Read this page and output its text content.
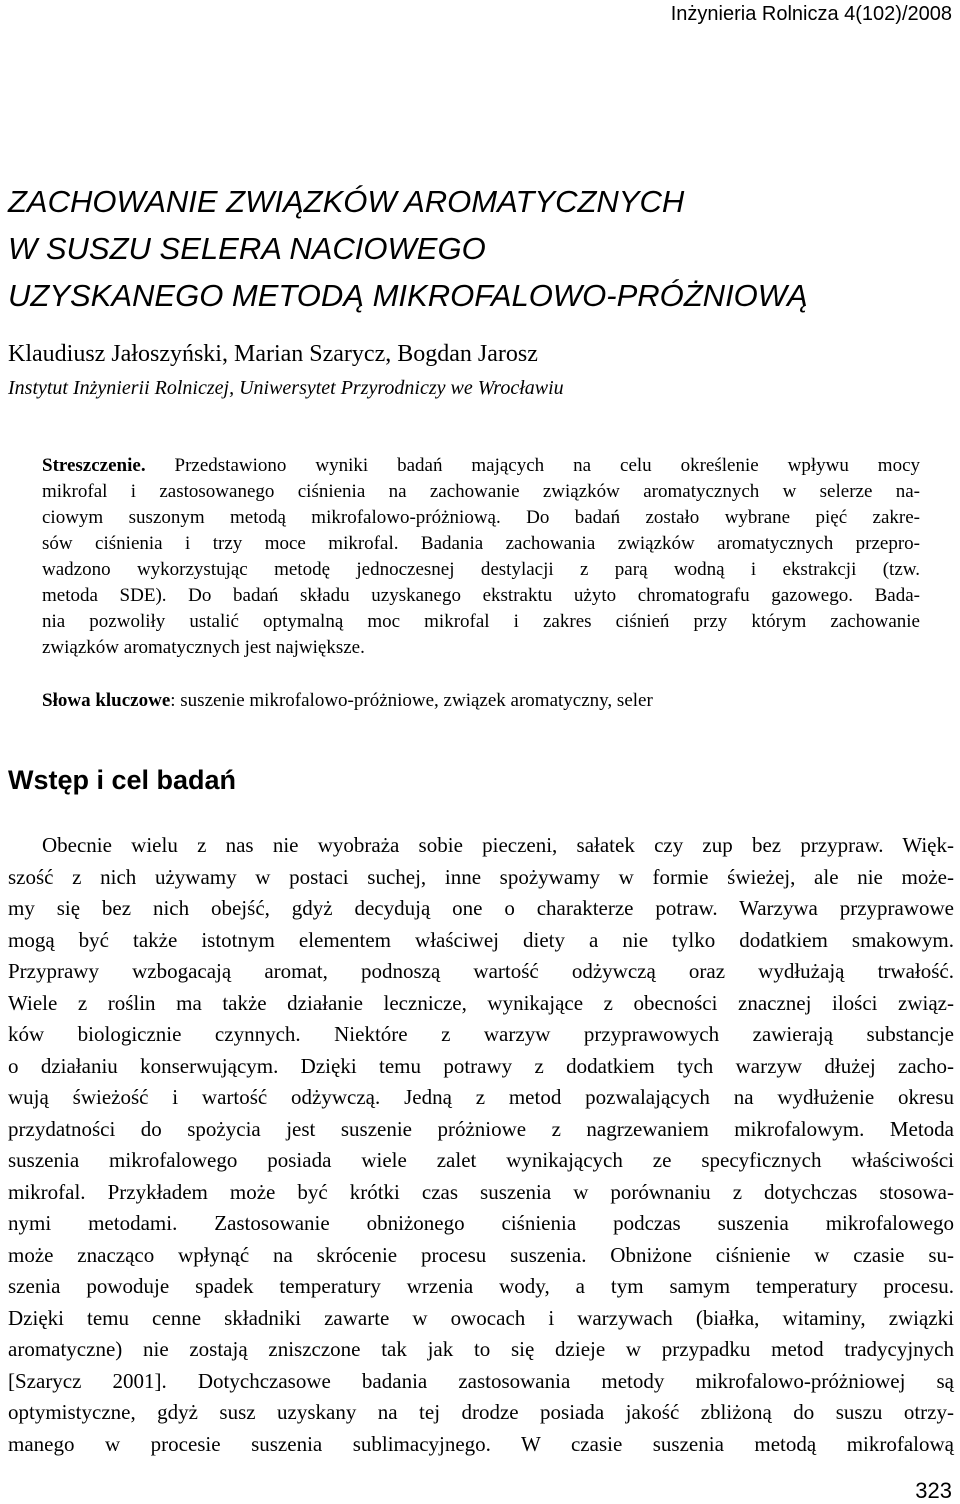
Inżynieria Rolnicza 4(102)/2008
ZACHOWANIE ZWIĄZKÓW AROMATYCZNYCH
W SUSZU SELERA NACIOWEGO
UZYSKANEGO METODĄ MIKROFALOWO-PRÓŻNIOWĄ
Klaudiusz Jałoszyński, Marian Szarycz, Bogdan Jarosz
Instytut Inżynierii Rolniczej, Uniwersytet Przyrodniczy we Wrocławiu
Streszczenie. Przedstawiono wyniki badań mających na celu określenie wpływu mocy
mikrofal i zastosowanego ciśnienia na zachowanie związków aromatycznych w selerze na-
ciowym suszonym metodą mikrofalowo-próżniową. Do badań zostało wybrane pięć zakre-
sów ciśnienia i trzy moce mikrofal. Badania zachowania związków aromatycznych przepro-
wadzono wykorzystując metodę jednoczesnej destylacji z parą wodną i ekstrakcji (tzw.
metoda SDE). Do badań składu uzyskanego ekstraktu użyto chromatografu gazowego. Bada-
nia pozwoliły ustalić optymalną moc mikrofal i zakres ciśnień przy którym zachowanie
związków aromatycznych jest największe.
Słowa kluczowe: suszenie mikrofalowo-próżniowe, związek aromatyczny, seler
Wstęp i cel badań
Obecnie wielu z nas nie wyobraża sobie pieczeni, sałatek czy zup bez przypraw. Więk-
szość z nich używamy w postaci suchej, inne spożywamy w formie świeżej, ale nie może-
my się bez nich obejść, gdyż decydują one o charakterze potraw. Warzywa przyprawowe
mogą być także istotnym elementem właściwej diety a nie tylko dodatkiem smakowym.
Przyprawy wzbogacają aromat, podnoszą wartość odżywczą oraz wydłużają trwałość.
Wiele z roślin ma także działanie lecznicze, wynikające z obecności znacznej ilości związ-
ków biologicznie czynnych. Niektóre z warzyw przyprawowych zawierają substancje
o działaniu konserwującym. Dzięki temu potrawy z dodatkiem tych warzyw dłużej zacho-
wują świeżość i wartość odżywczą. Jedną z metod pozwalających na wydłużenie okresu
przydatności do spożycia jest suszenie próżniowe z nagrzewaniem mikrofalowym. Metoda
suszenia mikrofalowego posiada wiele zalet wynikających ze specyficznych właściwości
mikrofal. Przykładem może być krótki czas suszenia w porównaniu z dotychczas stosowa-
nymi metodami. Zastosowanie obniżonego ciśnienia podczas suszenia mikrofalowego
może znacząco wpłynąć na skrócenie procesu suszenia. Obniżone ciśnienie w czasie su-
szenia powoduje spadek temperatury wrzenia wody, a tym samym temperatury procesu.
Dzięki temu cenne składniki zawarte w owocach i warzywach (białka, witaminy, związki
aromatyczne) nie zostają zniszczone tak jak to się dzieje w przypadku metod tradycyjnych
[Szarycz 2001]. Dotychczasowe badania zastosowania metody mikrofalowo-próżniowej są
optymistyczne, gdyż susz uzyskany na tej drodze posiada jakość zbliżoną do suszu otrzy-
manego w procesie suszenia sublimacyjnego. W czasie suszenia metodą mikrofalową
323
